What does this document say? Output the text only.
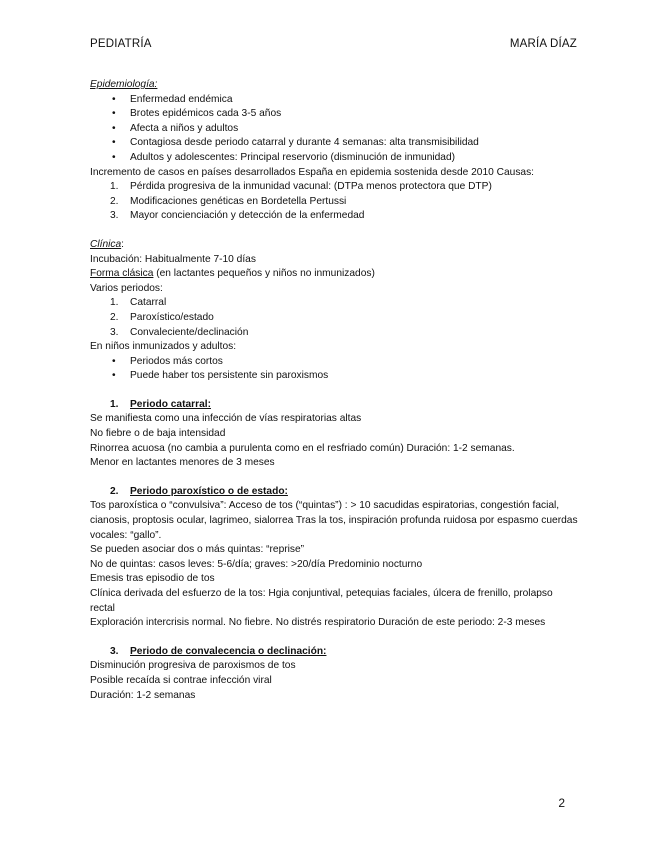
PEDIATRÍA	MARÍA DÍAZ
Epidemiología:
• Enfermedad endémica
• Brotes epidémicos cada 3-5 años
• Afecta a niños y adultos
• Contagiosa desde periodo catarral y durante 4 semanas: alta transmisibilidad
• Adultos y adolescentes: Principal reservorio (disminución de inmunidad)
Incremento de casos en países desarrollados España en epidemia sostenida desde 2010 Causas:
1. Pérdida progresiva de la inmunidad vacunal: (DTPa menos protectora que DTP)
2. Modificaciones genéticas en Bordetella Pertussi
3. Mayor concienciación y detección de la enfermedad
Clínica:
Incubación: Habitualmente 7-10 días
Forma clásica (en lactantes pequeños y niños no inmunizados)
Varios periodos:
1. Catarral
2. Paroxístico/estado
3. Convaleciente/declinación
En niños inmunizados y adultos:
• Periodos más cortos
• Puede haber tos persistente sin paroxismos
1. Periodo catarral:
Se manifiesta como una infección de vías respiratorias altas
No fiebre o de baja intensidad
Rinorrea acuosa (no cambia a purulenta como en el resfriado común) Duración: 1-2 semanas.
Menor en lactantes menores de 3 meses
2. Periodo paroxístico o de estado:
Tos paroxística o “convulsiva”: Acceso de tos (“quintas”) : > 10 sacudidas espiratorias, congestión facial, cianosis, proptosis ocular, lagrimeo, sialorrea Tras la tos, inspiración profunda ruidosa por espasmo cuerdas vocales: “gallo”.
Se pueden asociar dos o más quintas: “reprise”
No de quintas: casos leves: 5-6/día; graves: >20/día Predominio nocturno
Emesis tras episodio de tos
Clínica derivada del esfuerzo de la tos: Hgia conjuntival, petequias faciales, úlcera de frenillo, prolapso rectal
Exploración intercrisis normal. No fiebre. No distrés respiratorio Duración de este periodo: 2-3 meses
3. Periodo de convalecencia o declinación:
Disminución progresiva de paroxismos de tos
Posible recaída si contrae infección viral
Duración: 1-2 semanas
2
